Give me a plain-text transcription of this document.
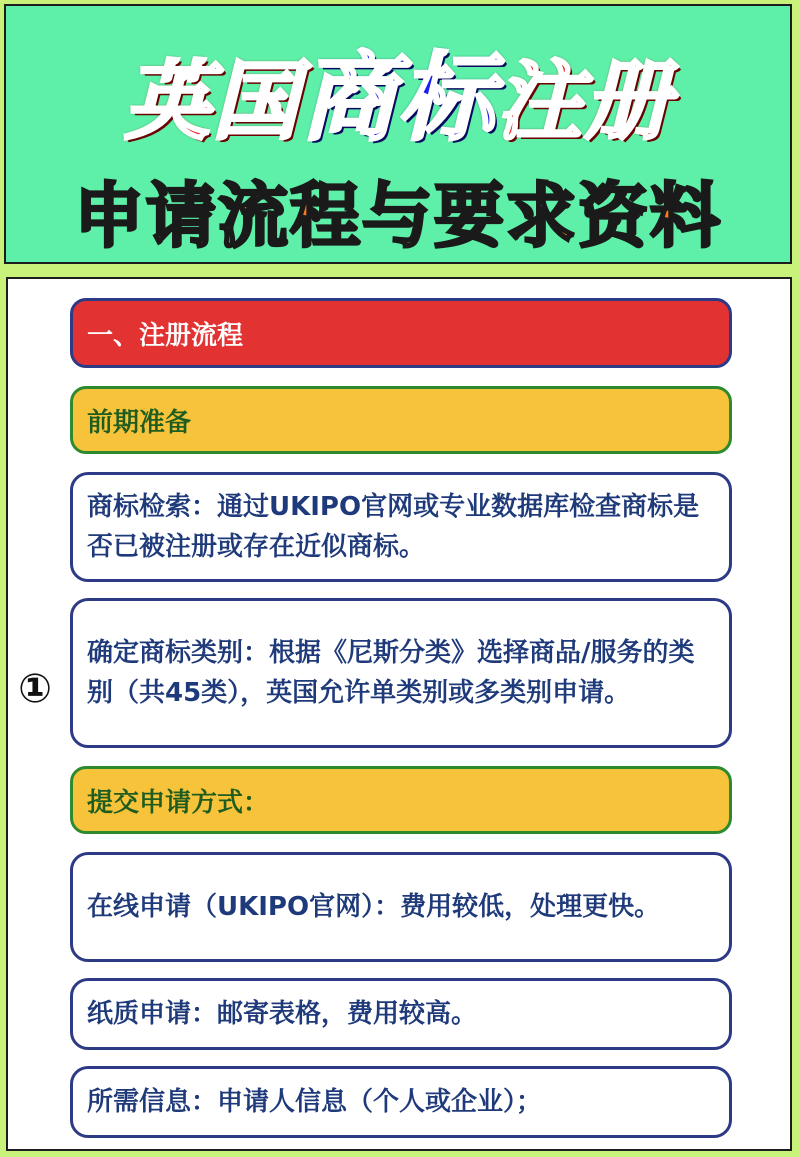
英国商标注册
申请流程与要求资料
①
一、注册流程
前期准备
商标检索：通过UKIPO官网或专业数据库检查商标是否已被注册或存在近似商标。
确定商标类别：根据《尼斯分类》选择商品/服务的类别（共45类），英国允许单类别或多类别申请。
提交申请方式：
在线申请（UKIPO官网）：费用较低，处理更快。
纸质申请：邮寄表格，费用较高。
所需信息：申请人信息（个人或企业）；
